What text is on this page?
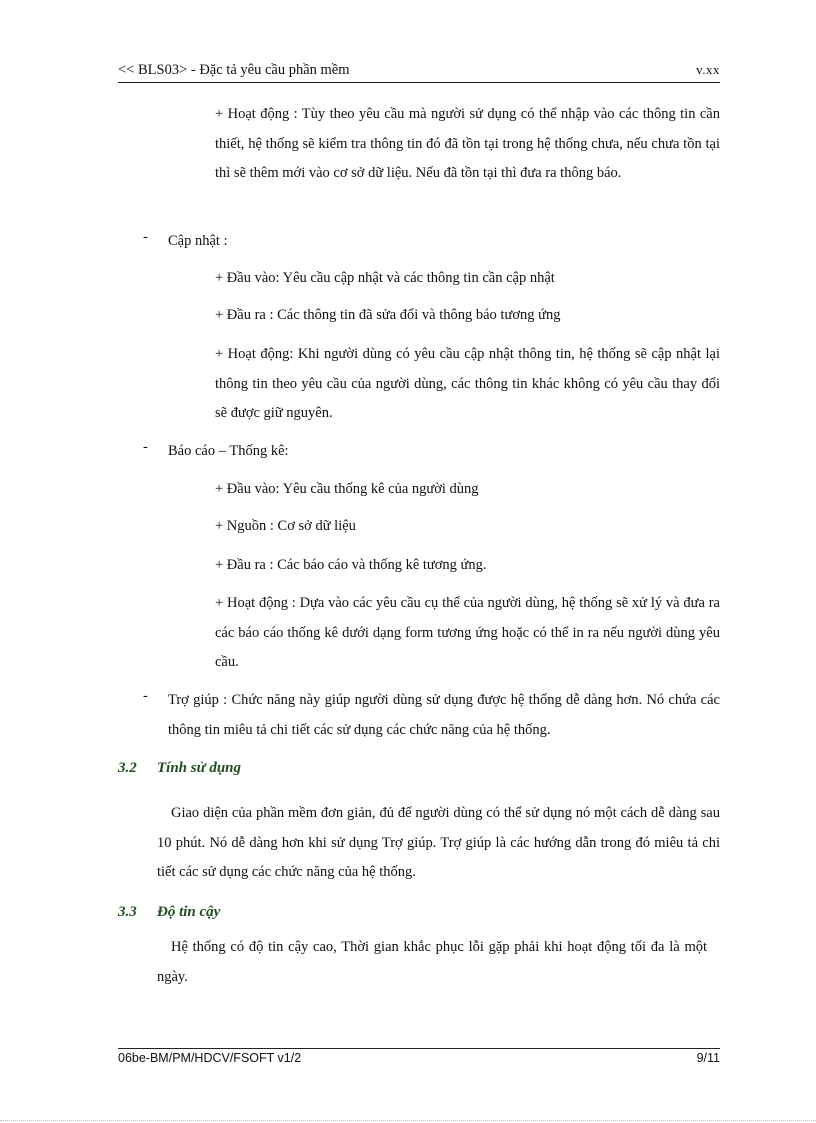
<< BLS03> - Đặc tả yêu cầu phần mềm	v.xx
+ Hoạt động : Tùy theo yêu cầu mà người sử dụng có thể nhập vào các thông tin cần thiết, hệ thống sẽ kiểm tra thông tin đó đã tồn tại trong hệ thống chưa, nếu chưa tồn tại thì sẽ thêm mới vào cơ sở dữ liệu. Nếu đã tồn tại thì đưa ra thông báo.
-	Cập nhật :
+ Đầu vào: Yêu cầu cập nhật và các thông tin cần cập nhật
+ Đầu ra : Các thông tin đã sửa đổi và thông báo tương ứng
+ Hoạt động: Khi người dùng có yêu cầu cập nhật thông tin, hệ thống sẽ cập nhật lại thông tin theo yêu cầu của người dùng, các thông tin khác không có yêu cầu thay đổi sẽ được giữ nguyên.
-	Báo cáo – Thống kê:
+ Đầu vào: Yêu cầu thống kê của người dùng
+ Nguồn : Cơ sở dữ liệu
+ Đầu ra : Các báo cáo và thống kê tương ứng.
+ Hoạt động : Dựa vào các yêu cầu cụ thể của người dùng, hệ thống sẽ xử lý và đưa ra các báo cáo thống kê dưới dạng form tương ứng hoặc có thể in ra nếu người dùng yêu cầu.
-	Trợ giúp : Chức năng này giúp người dùng sử dụng được hệ thống dễ dàng hơn. Nó chứa các thông tin miêu tả chi tiết các sử dụng các chức năng của hệ thống.
3.2 Tính sử dụng
Giao diện của phần mềm đơn giản, đủ để người dùng có thể sử dụng nó một cách dễ dàng sau 10 phút. Nó dễ dàng hơn khi sử dụng Trợ giúp. Trợ giúp là các hướng dẫn trong đó miêu tả chi tiết các sử dụng các chức năng của hệ thống.
3.3 Độ tin cậy
Hệ thống có độ tin cậy cao, Thời gian khắc phục lỗi gặp phải khi hoạt động tối đa là một ngày.
06be-BM/PM/HDCV/FSOFT v1/2	9/11
